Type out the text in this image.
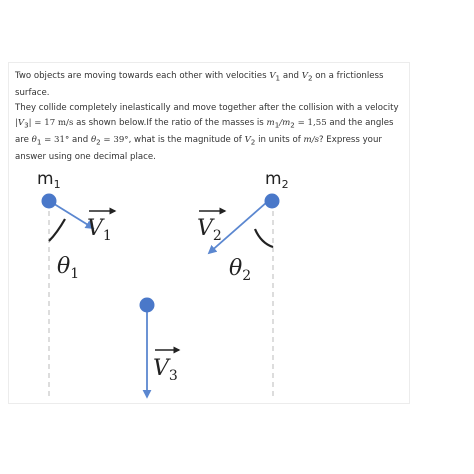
Two objects are moving towards each other with velocities $V_1$ and $V_2$ on a frictionless surface.
They collide completely inelastically and move together after the collision with a velocity
$|V_3| = 17$ m/s as shown below.If the ratio of the masses is $m_1/m_2 = 1,55$ and the angles
are $\theta_1 = 31^\circ$ and $\theta_2 = 39^\circ$, what is the magnitude of $V_2$ in units of m/s? Express your
answer using one decimal place.

$m_1$	$m_2$
$V_1$	$V_2$
$V_3$
$\theta_1$	$\theta_2$
